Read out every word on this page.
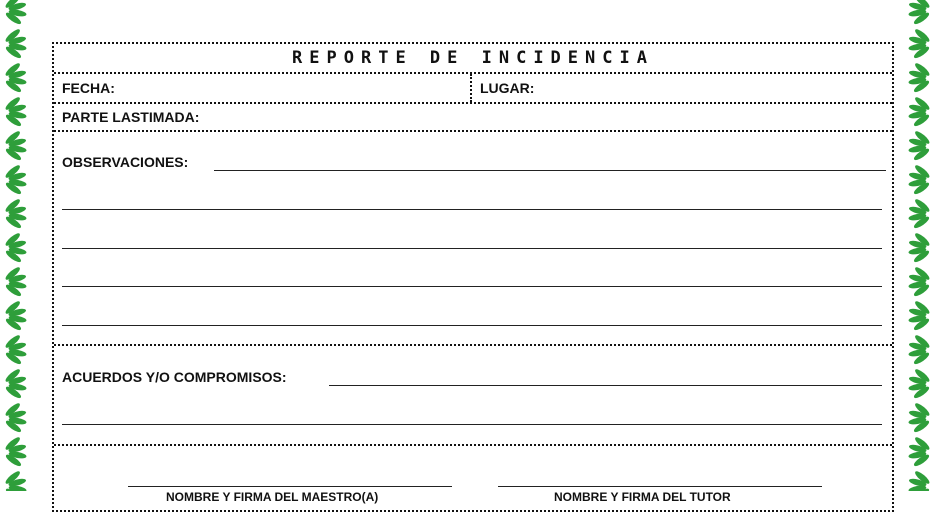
REPORTE DE INCIDENCIA
FECHA:	LUGAR:
PARTE LASTIMADA:
OBSERVACIONES:
ACUERDOS Y/O COMPROMISOS:
NOMBRE Y FIRMA DEL MAESTRO(A)	NOMBRE Y FIRMA DEL TUTOR
